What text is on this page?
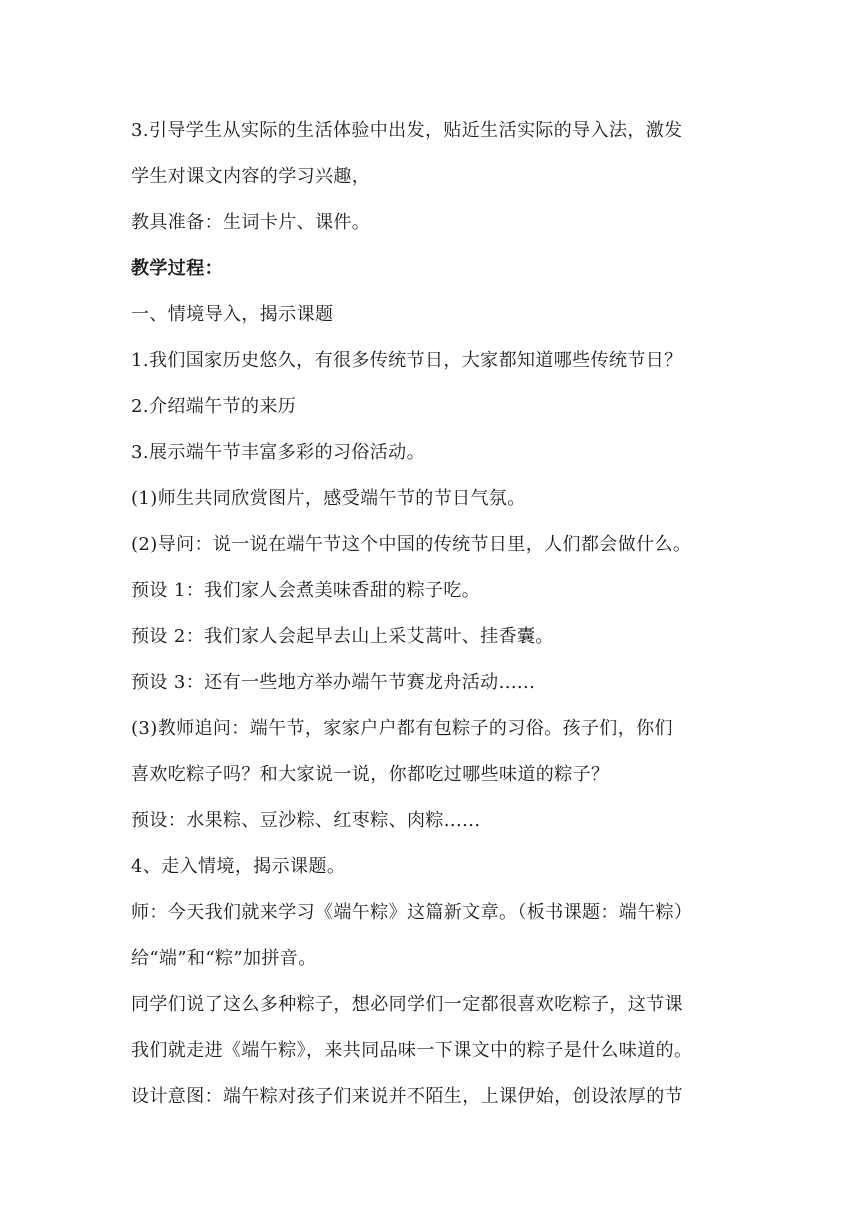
3.引导学生从实际的生活体验中出发，贴近生活实际的导入法，激发
学生对课文内容的学习兴趣，
教具准备：生词卡片、课件。
教学过程：
一、情境导入，揭示课题
1.我们国家历史悠久，有很多传统节日，大家都知道哪些传统节日？
2.介绍端午节的来历
3.展示端午节丰富多彩的习俗活动。
(1)师生共同欣赏图片，感受端午节的节日气氛。
(2)导问：说一说在端午节这个中国的传统节日里，人们都会做什么。
预设 1：我们家人会煮美味香甜的粽子吃。
预设 2：我们家人会起早去山上采艾蒿叶、挂香囊。
预设 3：还有一些地方举办端午节赛龙舟活动......
(3)教师追问：端午节，家家户户都有包粽子的习俗。孩子们，你们
喜欢吃粽子吗？和大家说一说，你都吃过哪些味道的粽子？
预设：水果粽、豆沙粽、红枣粽、肉粽......
4、走入情境，揭示课题。
师：今天我们就来学习《端午粽》这篇新文章。（板书课题：端午粽）
给“端”和“粽”加拼音。
同学们说了这么多种粽子，想必同学们一定都很喜欢吃粽子，这节课
我们就走进《端午粽》，来共同品味一下课文中的粽子是什么味道的。
设计意图：端午粽对孩子们来说并不陌生，上课伊始，创设浓厚的节
